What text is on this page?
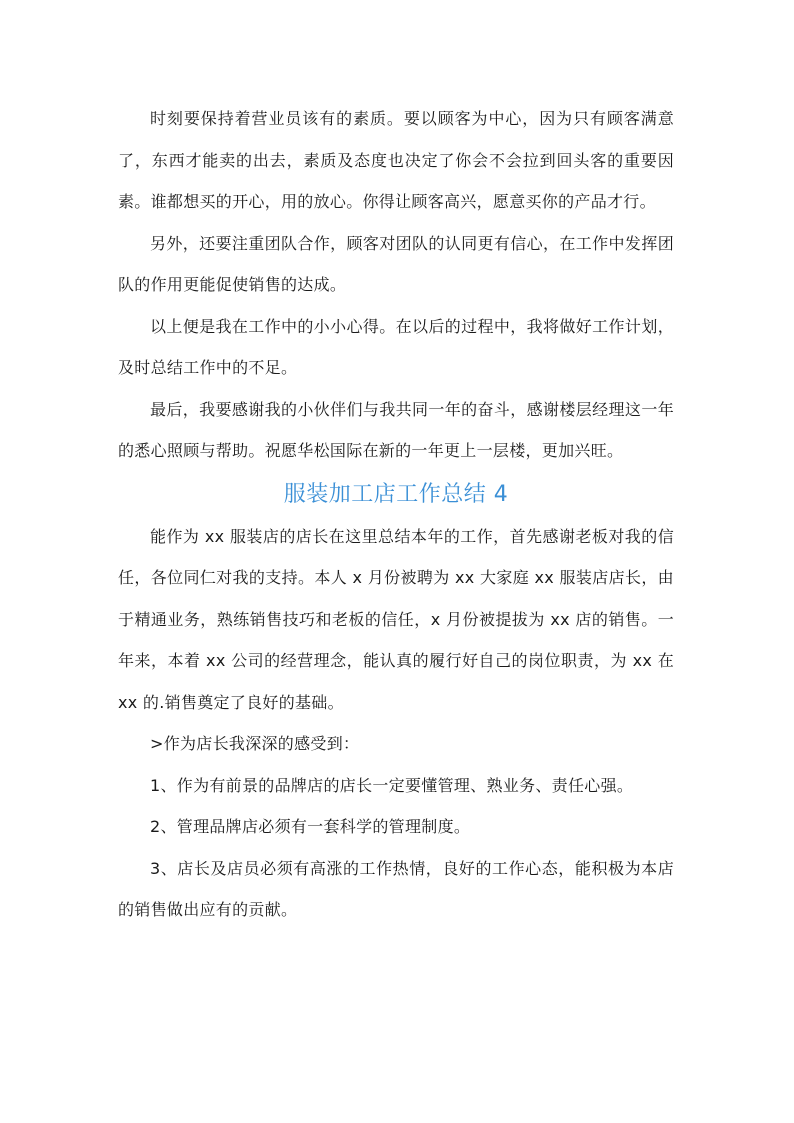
时刻要保持着营业员该有的素质。要以顾客为中心，因为只有顾客满意了，东西才能卖的出去，素质及态度也决定了你会不会拉到回头客的重要因素。谁都想买的开心，用的放心。你得让顾客高兴，愿意买你的产品才行。

另外，还要注重团队合作，顾客对团队的认同更有信心，在工作中发挥团队的作用更能促使销售的达成。

以上便是我在工作中的小小心得。在以后的过程中，我将做好工作计划，及时总结工作中的不足。

最后，我要感谢我的小伙伴们与我共同一年的奋斗，感谢楼层经理这一年的悉心照顾与帮助。祝愿华松国际在新的一年更上一层楼，更加兴旺。

服装加工店工作总结 4

能作为 xx 服装店的店长在这里总结本年的工作，首先感谢老板对我的信任，各位同仁对我的支持。本人 x 月份被聘为 xx 大家庭 xx 服装店店长，由于精通业务，熟练销售技巧和老板的信任，x 月份被提拔为 xx 店的销售。一年来，本着 xx 公司的经营理念，能认真的履行好自己的岗位职责，为 xx 在 xx 的.销售奠定了良好的基础。

>作为店长我深深的感受到：

1、作为有前景的品牌店的店长一定要懂管理、熟业务、责任心强。

2、管理品牌店必须有一套科学的管理制度。

3、店长及店员必须有高涨的工作热情，良好的工作心态，能积极为本店的销售做出应有的贡献。
